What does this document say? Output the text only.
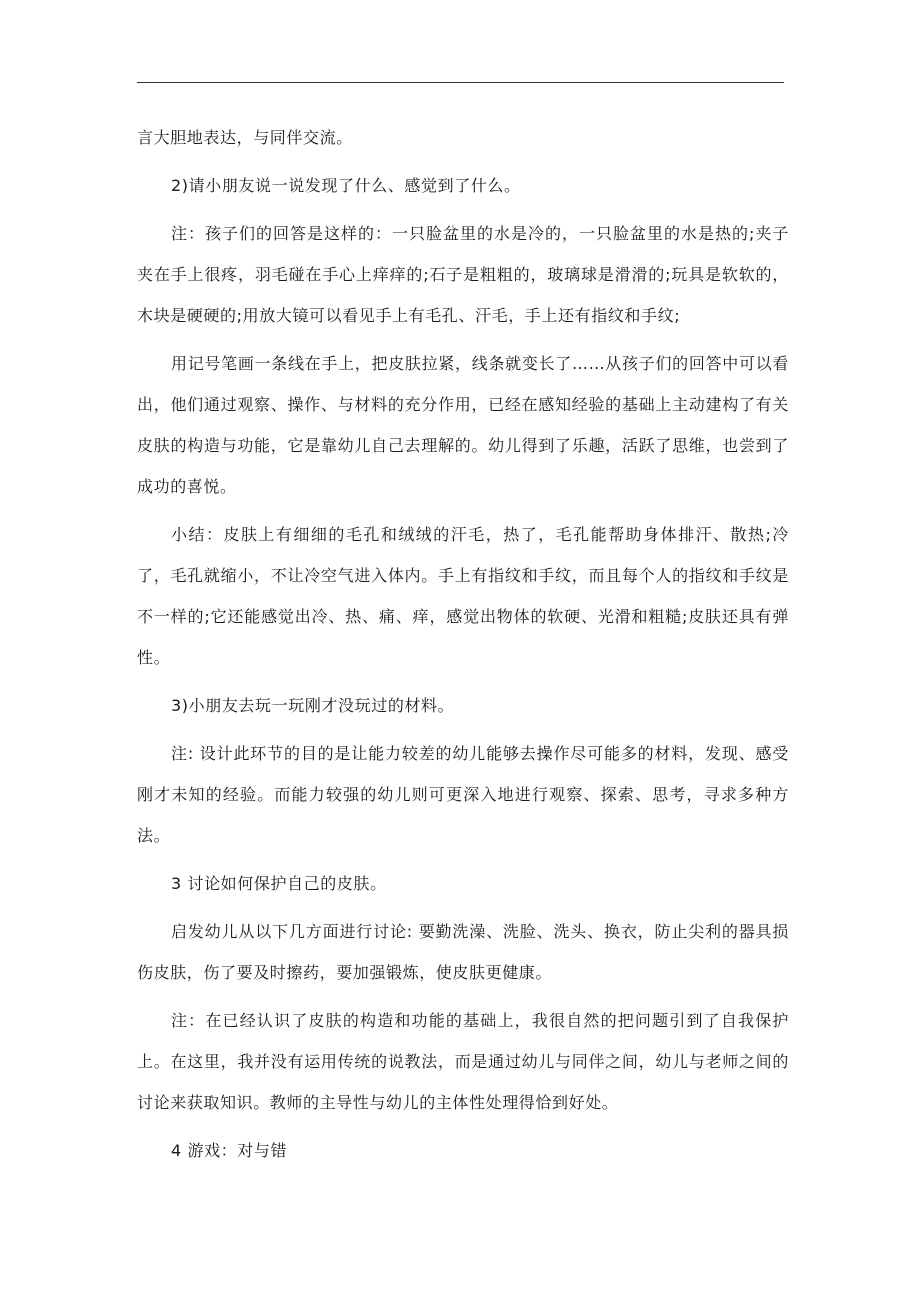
言大胆地表达，与同伴交流。

2)请小朋友说一说发现了什么、感觉到了什么。

注：孩子们的回答是这样的：一只脸盆里的水是冷的，一只脸盆里的水是热的;夹子夹在手上很疼，羽毛碰在手心上痒痒的;石子是粗粗的，玻璃球是滑滑的;玩具是软软的，木块是硬硬的;用放大镜可以看见手上有毛孔、汗毛，手上还有指纹和手纹;

用记号笔画一条线在手上，把皮肤拉紧，线条就变长了……从孩子们的回答中可以看出，他们通过观察、操作、与材料的充分作用，已经在感知经验的基础上主动建构了有关皮肤的构造与功能，它是靠幼儿自己去理解的。幼儿得到了乐趣，活跃了思维，也尝到了成功的喜悦。

小结：皮肤上有细细的毛孔和绒绒的汗毛，热了，毛孔能帮助身体排汗、散热;冷了，毛孔就缩小，不让冷空气进入体内。手上有指纹和手纹，而且每个人的指纹和手纹是不一样的;它还能感觉出冷、热、痛、痒，感觉出物体的软硬、光滑和粗糙;皮肤还具有弹性。

3)小朋友去玩一玩刚才没玩过的材料。

注: 设计此环节的目的是让能力较差的幼儿能够去操作尽可能多的材料，发现、感受刚才未知的经验。而能力较强的幼儿则可更深入地进行观察、探索、思考，寻求多种方法。

3 讨论如何保护自己的皮肤。

启发幼儿从以下几方面进行讨论: 要勤洗澡、洗脸、洗头、换衣，防止尖利的器具损伤皮肤，伤了要及时擦药，要加强锻炼，使皮肤更健康。

注：在已经认识了皮肤的构造和功能的基础上，我很自然的把问题引到了自我保护上。在这里，我并没有运用传统的说教法，而是通过幼儿与同伴之间，幼儿与老师之间的讨论来获取知识。教师的主导性与幼儿的主体性处理得恰到好处。

4 游戏：对与错
